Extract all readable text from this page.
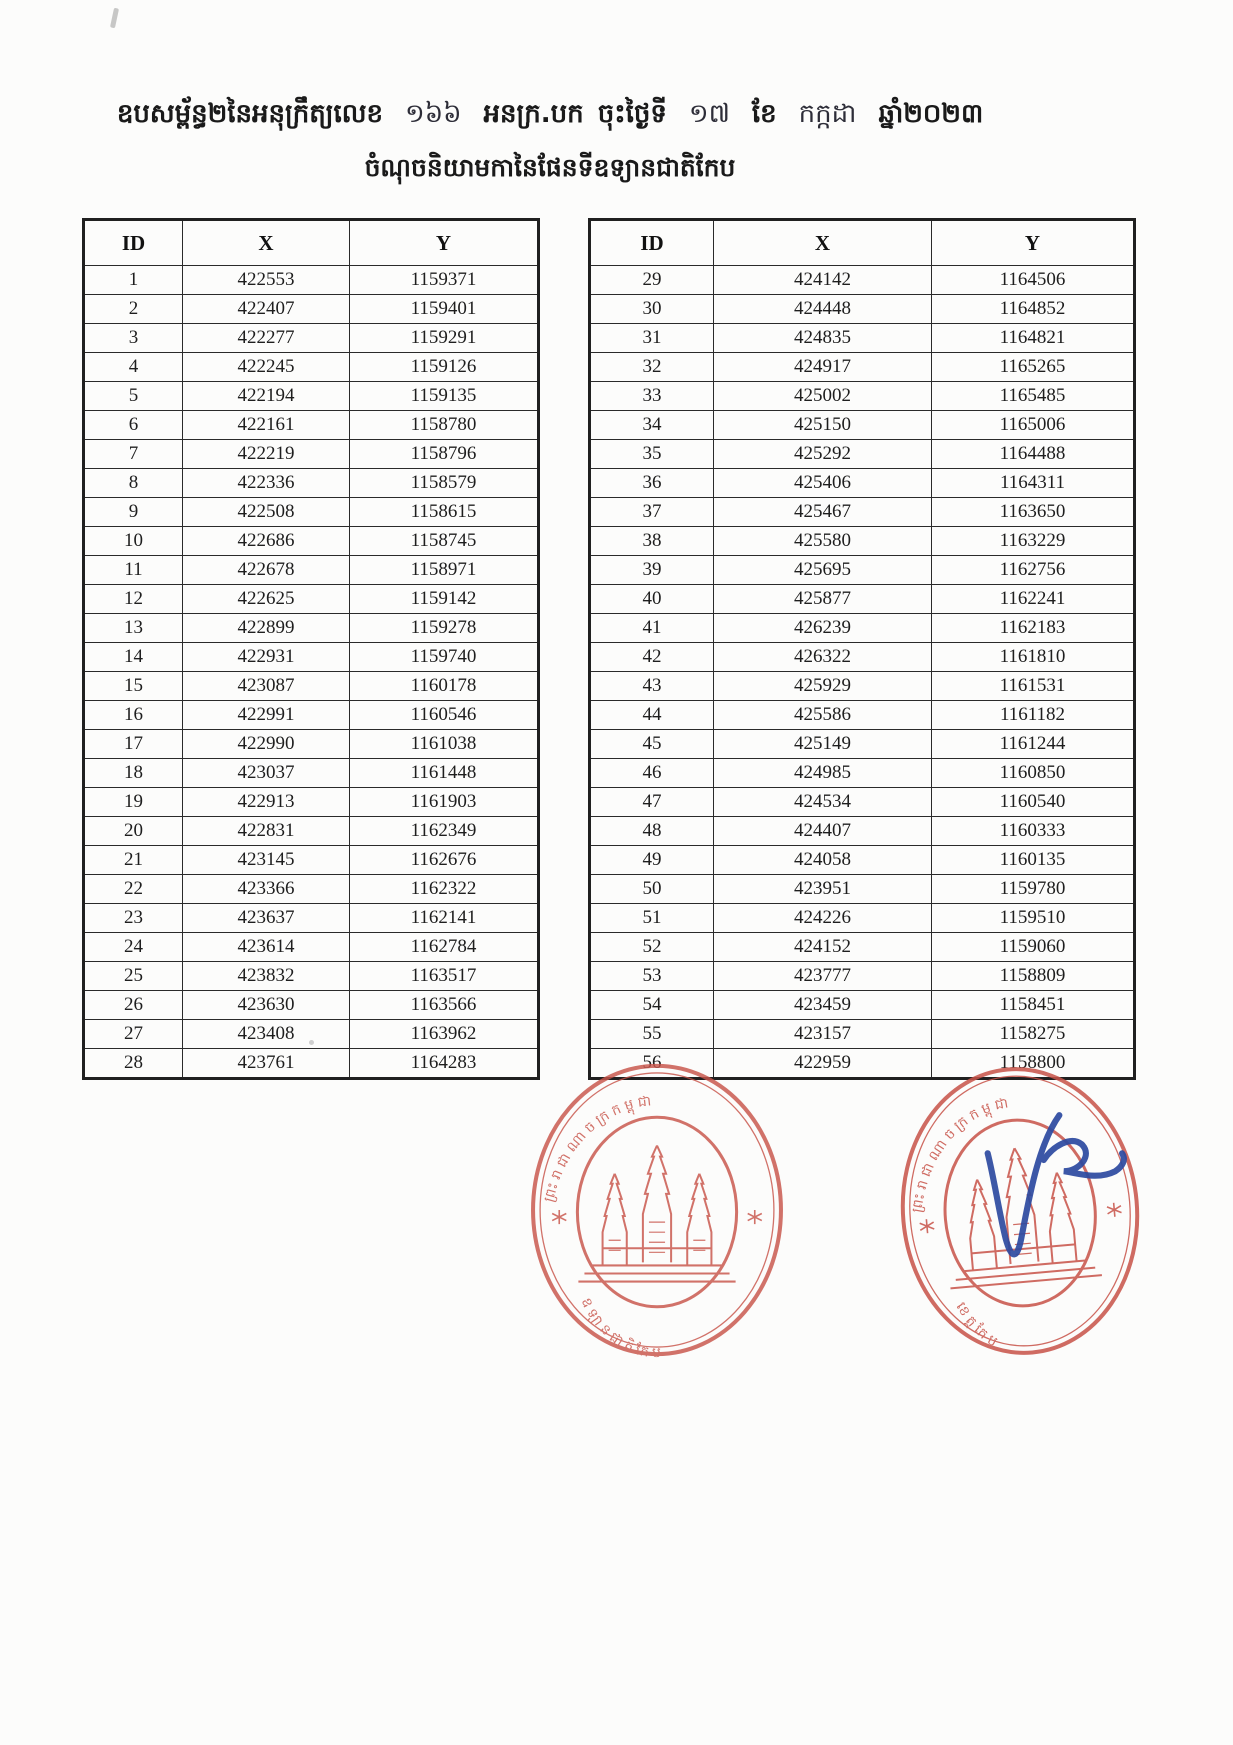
ឧបសម្ព័ន្ធ២នៃអនុក្រឹត្យលេខ ១៦៦ អនក្រ.បក ចុះថ្ងៃទី ១៧ ខែ កក្កដា ឆ្នាំ២០២៣
ចំណុចនិយាមកានៃផែនទីឧទ្យានជាតិកែប
ID	X	Y
1	422553	1159371
2	422407	1159401
3	422277	1159291
4	422245	1159126
5	422194	1159135
6	422161	1158780
7	422219	1158796
8	422336	1158579
9	422508	1158615
10	422686	1158745
11	422678	1158971
12	422625	1159142
13	422899	1159278
14	422931	1159740
15	423087	1160178
16	422991	1160546
17	422990	1161038
18	423037	1161448
19	422913	1161903
20	422831	1162349
21	423145	1162676
22	423366	1162322
23	423637	1162141
24	423614	1162784
25	423832	1163517
26	423630	1163566
27	423408	1163962
28	423761	1164283
ID	X	Y
29	424142	1164506
30	424448	1164852
31	424835	1164821
32	424917	1165265
33	425002	1165485
34	425150	1165006
35	425292	1164488
36	425406	1164311
37	425467	1163650
38	425580	1163229
39	425695	1162756
40	425877	1162241
41	426239	1162183
42	426322	1161810
43	425929	1161531
44	425586	1161182
45	425149	1161244
46	424985	1160850
47	424534	1160540
48	424407	1160333
49	424058	1160135
50	423951	1159780
51	424226	1159510
52	424152	1159060
53	423777	1158809
54	423459	1158451
55	423157	1158275
56	422959	1158800
ព្រះរាជាណាចក្រកម្ពុជា
ឧទ្យានជាតិកែប
ព្រះរាជាណាចក្រកម្ពុជា
ខេត្តកែប
